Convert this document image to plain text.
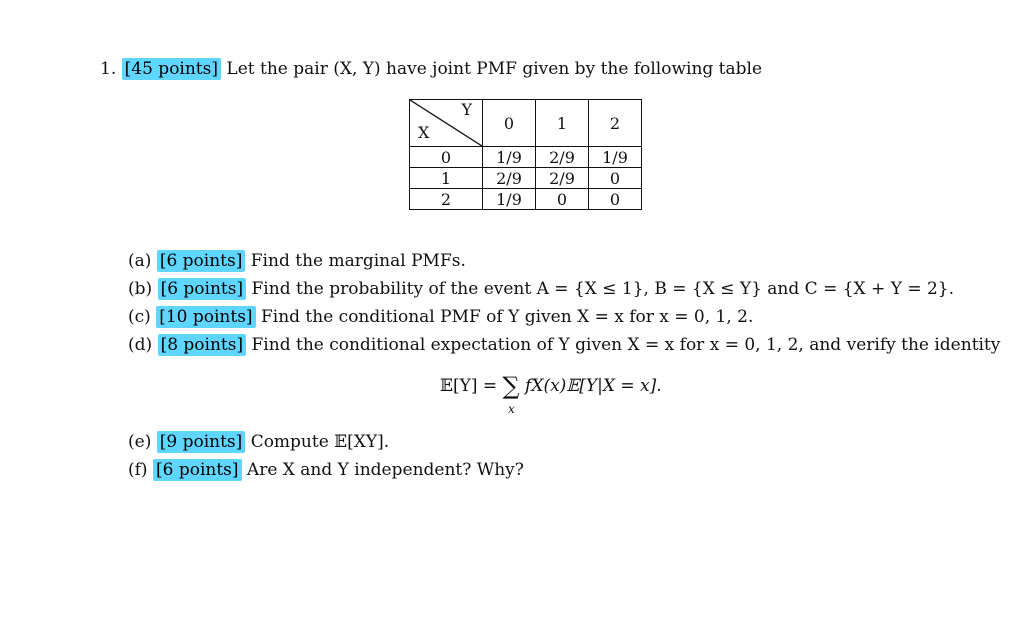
1. [45 points] Let the pair (X, Y) have joint PMF given by the following table
Y
X	0	1	2
0	1/9	2/9	1/9
1	2/9	2/9	0
2	1/9	0	0
(a) [6 points] Find the marginal PMFs.
(b) [6 points] Find the probability of the event A = {X ≤ 1}, B = {X ≤ Y} and C = {X + Y = 2}.
(c) [10 points] Find the conditional PMF of Y given X = x for x = 0, 1, 2.
(d) [8 points] Find the conditional expectation of Y given X = x for x = 0, 1, 2, and verify the identity
𝔼[Y] = ∑ fX(x)𝔼[Y|X = x].
x
(e) [9 points] Compute 𝔼[XY].
(f) [6 points] Are X and Y independent? Why?
